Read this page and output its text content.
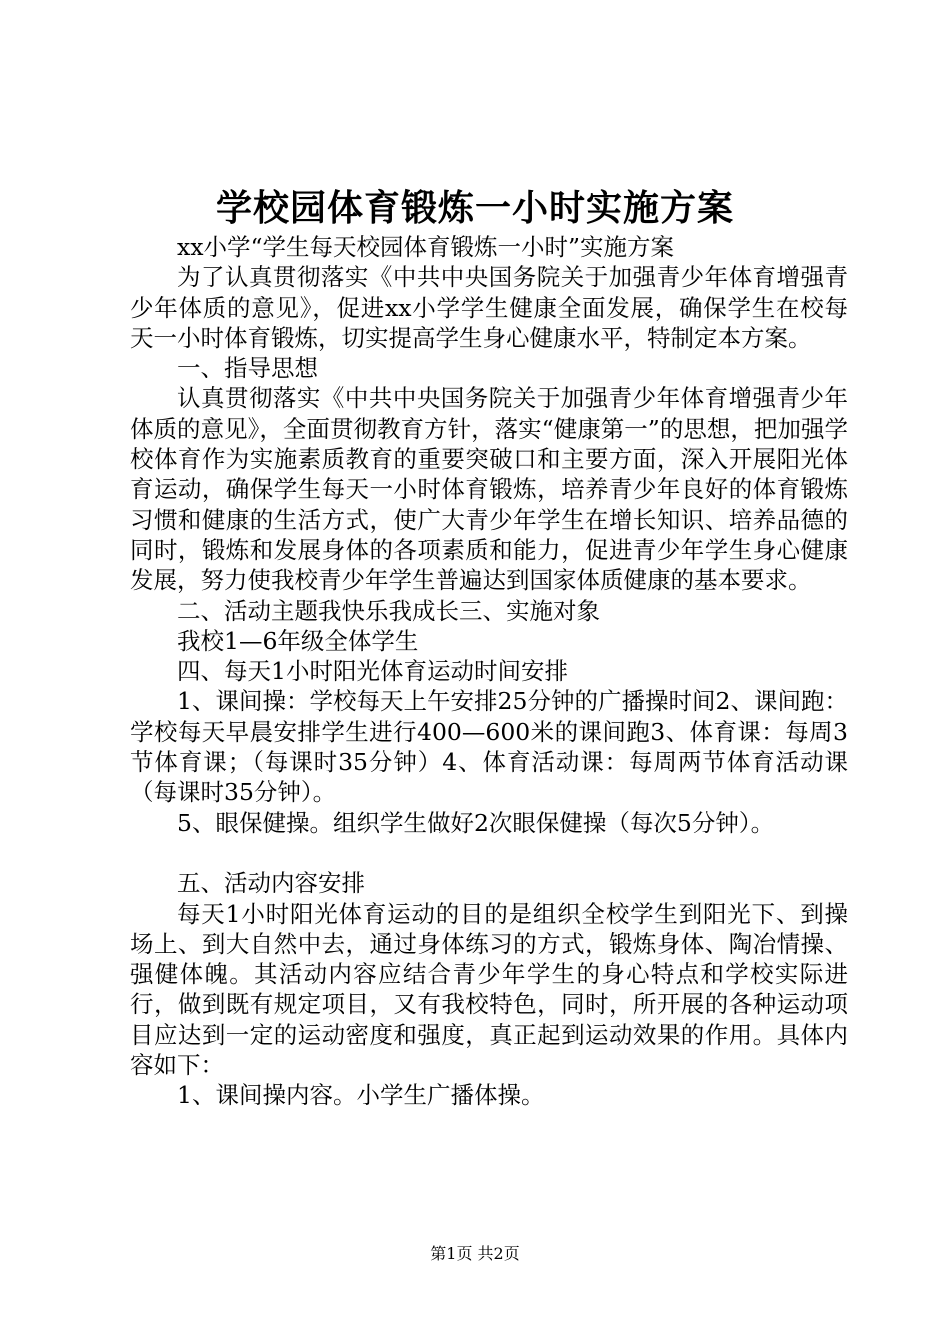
学校园体育锻炼一小时实施方案

xx小学“学生每天校园体育锻炼一小时”实施方案

为了认真贯彻落实《中共中央国务院关于加强青少年体育增强青少年体质的意见》，促进xx小学学生健康全面发展，确保学生在校每天一小时体育锻炼，切实提高学生身心健康水平，特制定本方案。

一、指导思想

认真贯彻落实《中共中央国务院关于加强青少年体育增强青少年体质的意见》，全面贯彻教育方针，落实“健康第一”的思想，把加强学校体育作为实施素质教育的重要突破口和主要方面，深入开展阳光体育运动，确保学生每天一小时体育锻炼，培养青少年良好的体育锻炼习惯和健康的生活方式，使广大青少年学生在增长知识、培养品德的同时，锻炼和发展身体的各项素质和能力，促进青少年学生身心健康发展，努力使我校青少年学生普遍达到国家体质健康的基本要求。

二、活动主题我快乐我成长三、实施对象

我校1—6年级全体学生

四、每天1小时阳光体育运动时间安排

1、课间操：学校每天上午安排25分钟的广播操时间2、课间跑：学校每天早晨安排学生进行400—600米的课间跑3、体育课：每周3节体育课；（每课时35分钟）4、体育活动课：每周两节体育活动课（每课时35分钟）。

5、眼保健操。组织学生做好2次眼保健操（每次5分钟）。

五、活动内容安排

每天1小时阳光体育运动的目的是组织全校学生到阳光下、到操场上、到大自然中去，通过身体练习的方式，锻炼身体、陶冶情操、强健体魄。其活动内容应结合青少年学生的身心特点和学校实际进行，做到既有规定项目，又有我校特色，同时，所开展的各种运动项目应达到一定的运动密度和强度，真正起到运动效果的作用。具体内容如下：

1、课间操内容。小学生广播体操。

第1页 共2页
